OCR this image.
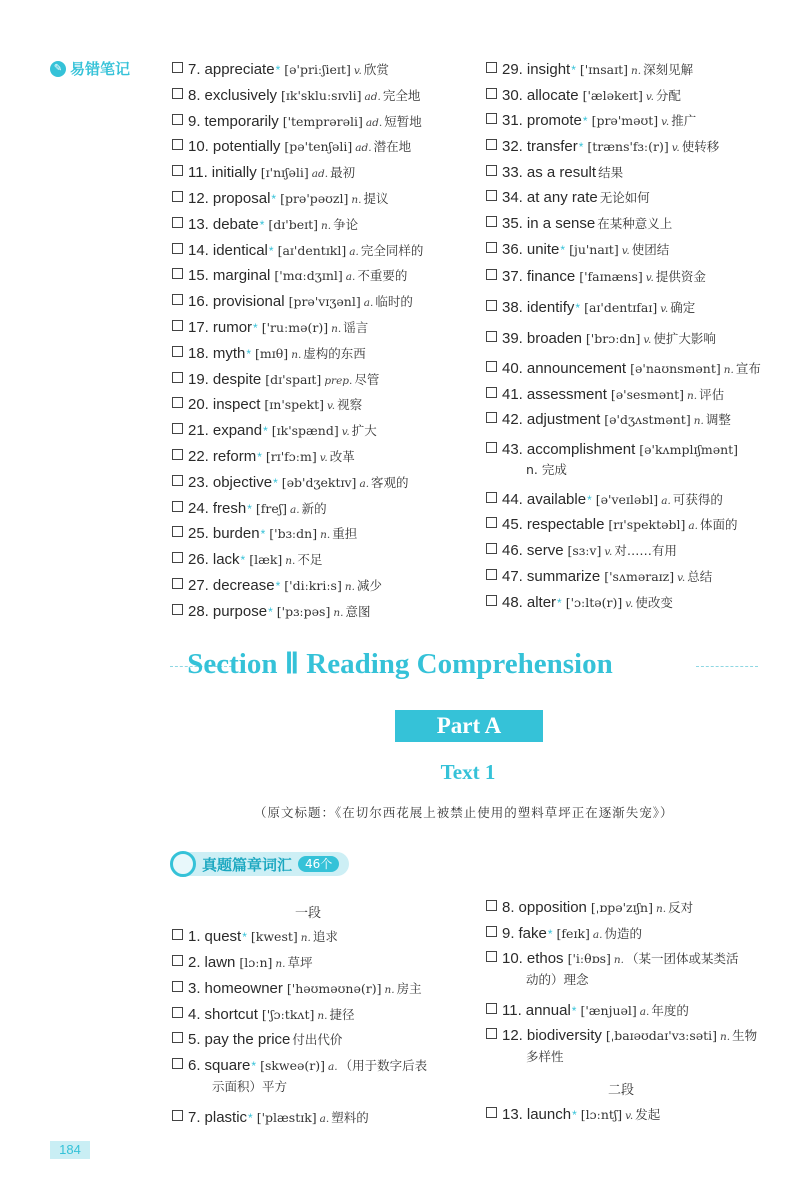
✎ 易错笔记	7. appreciate* [ə'priːʃieɪt] v. 欣赏
8. exclusively [ɪk'skluːsɪvli] ad. 完全地
9. temporarily ['temprərəli] ad. 短暂地
10. potentially [pə'tenʃəli] ad. 潜在地
11. initially [ɪ'nɪʃəli] ad. 最初
12. proposal* [prə'pəʊzl] n. 提议
13. debate* [dɪ'beɪt] n. 争论
14. identical* [aɪ'dentɪkl] a. 完全同样的
15. marginal ['mɑːdʒɪnl] a. 不重要的
16. provisional [prə'vɪʒənl] a. 临时的
17. rumor* ['ruːmə(r)] n. 谣言
18. myth* [mɪθ] n. 虚构的东西
19. despite [dɪ'spaɪt] prep. 尽管
20. inspect [ɪn'spekt] v. 视察
21. expand* [ɪk'spænd] v. 扩大
22. reform* [rɪ'fɔːm] v. 改革
23. objective* [əb'dʒektɪv] a. 客观的
24. fresh* [freʃ] a. 新的
25. burden* ['bɜːdn] n. 重担
26. lack* [læk] n. 不足
27. decrease* ['diːkriːs] n. 减少
28. purpose* ['pɜːpəs] n. 意图
29. insight* ['ɪnsaɪt] n. 深刻见解
30. allocate ['æləkeɪt] v. 分配
31. promote* [prə'məʊt] v. 推广
32. transfer* [træns'fɜː(r)] v. 使转移
33. as a result 结果
34. at any rate 无论如何
35. in a sense 在某种意义上
36. unite* [ju'naɪt] v. 使团结
37. finance ['faɪnæns] v. 提供资金
38. identify* [aɪ'dentɪfaɪ] v. 确定
39. broaden ['brɔːdn] v. 使扩大影响
40. announcement [ə'naʊnsmənt] n. 宣布
41. assessment [ə'sesmənt] n. 评估
42. adjustment [ə'dʒʌstmənt] n. 调整
43. accomplishment [ə'kʌmplɪʃmənt]
n. 完成
44. available* [ə'veɪləbl] a. 可获得的
45. respectable [rɪ'spektəbl] a. 体面的
46. serve [sɜːv] v. 对……有用
47. summarize ['sʌməraɪz] v. 总结
48. alter* ['ɔːltə(r)] v. 使改变
Section Ⅱ Reading Comprehension
Part A
Text 1
（原文标题：《在切尔西花展上被禁止使用的塑料草坪正在逐渐失宠》）
真题篇章词汇	46个
一段
1. quest* [kwest] n. 追求
2. lawn [lɔːn] n. 草坪
3. homeowner ['həʊməʊnə(r)] n. 房主
4. shortcut ['ʃɔːtkʌt] n. 捷径
5. pay the price 付出代价
6. square* [skweə(r)] a. （用于数字后表
示面积）平方
7. plastic* ['plæstɪk] a. 塑料的
8. opposition [ˌɒpə'zɪʃn] n. 反对
9. fake* [feɪk] a. 伪造的
10. ethos ['iːθɒs] n. （某一团体或某类活
动的）理念
11. annual* ['ænjuəl] a. 年度的
12. biodiversity [ˌbaɪəʊdaɪ'vɜːsəti] n. 生物
多样性
13. launch* [lɔːntʃ] v. 发起
二段
184
